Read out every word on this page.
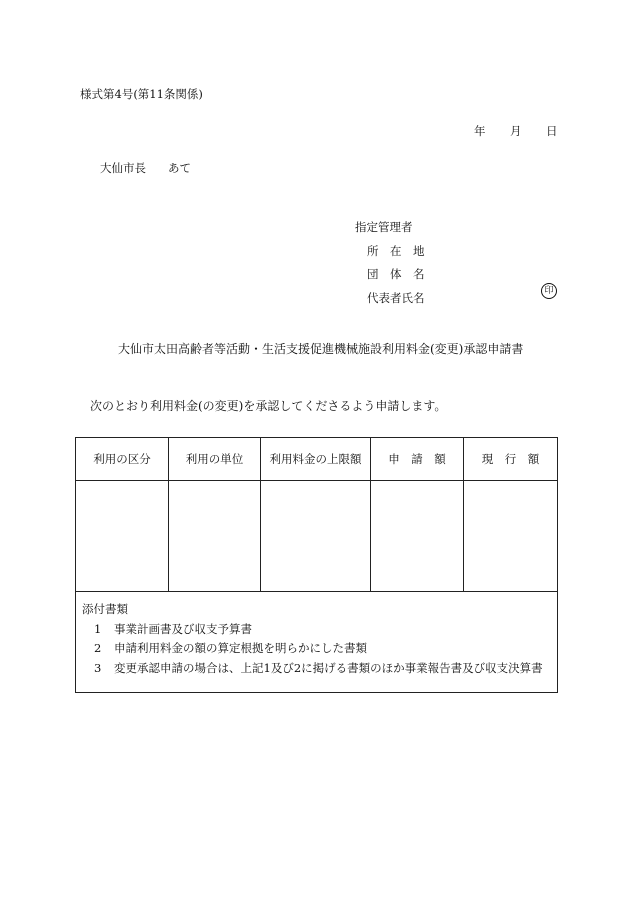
様式第4号(第11条関係)
年 月 日
大仙市長 あて
指定管理者
所　在　地
団　体　名
代表者氏名	印
大仙市太田高齢者等活動・生活支援促進機械施設利用料金(変更)承認申請書
次のとおり利用料金(の変更)を承認してくださるよう申請します。
利用の区分	利用の単位	利用料金の上限額	申　請　額	現　行　額

添付書類
1 事業計画書及び収支予算書
2 申請利用料金の額の算定根拠を明らかにした書類
3 変更承認申請の場合は、上記1及び2に掲げる書類のほか事業報告書及び収支決算書				
